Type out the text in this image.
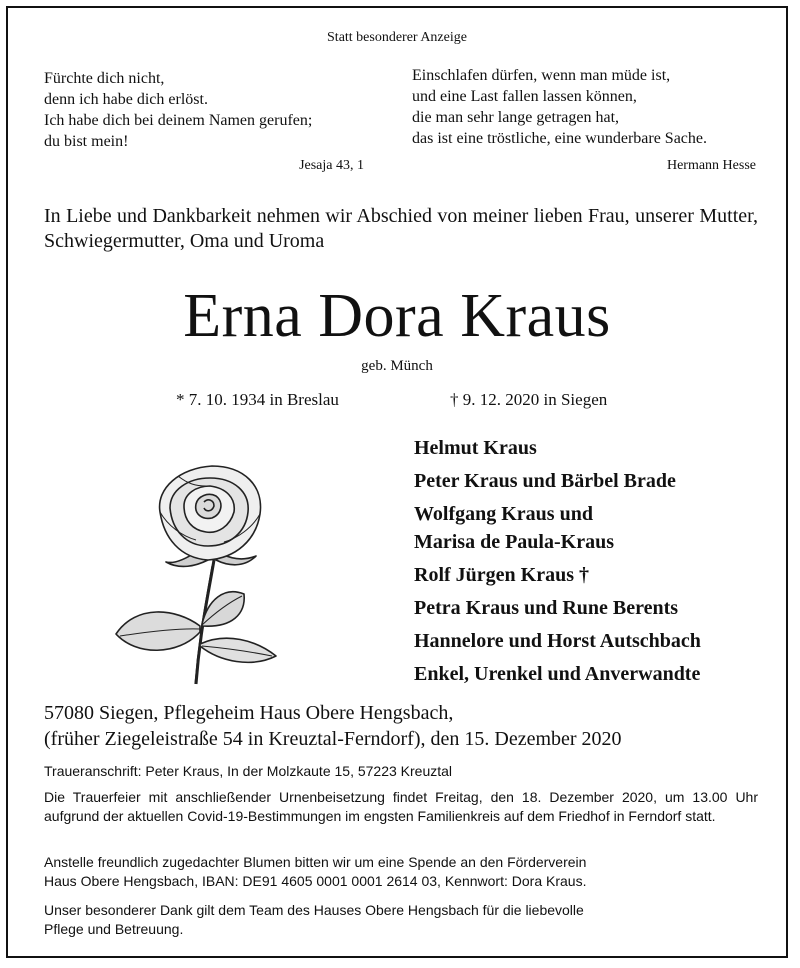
Statt besonderer Anzeige
Fürchte dich nicht,
denn ich habe dich erlöst.
Ich habe dich bei deinem Namen gerufen;
du bist mein!
Jesaja 43, 1
Einschlafen dürfen, wenn man müde ist,
und eine Last fallen lassen können,
die man sehr lange getragen hat,
das ist eine tröstliche, eine wunderbare Sache.
Hermann Hesse
In Liebe und Dankbarkeit nehmen wir Abschied von meiner lieben Frau, unserer Mutter, Schwiegermutter, Oma und Uroma
Erna Dora Kraus
geb. Münch
* 7. 10. 1934 in Breslau	† 9. 12. 2020 in Siegen
Helmut Kraus
Peter Kraus und Bärbel Brade
Wolfgang Kraus und
Marisa de Paula-Kraus
Rolf Jürgen Kraus †
Petra Kraus und Rune Berents
Hannelore und Horst Autschbach
Enkel, Urenkel und Anverwandte
57080 Siegen, Pflegeheim Haus Obere Hengsbach,
(früher Ziegeleistraße 54 in Kreuztal-Ferndorf), den 15. Dezember 2020
Traueranschrift: Peter Kraus, In der Molzkaute 15, 57223 Kreuztal
Die Trauerfeier mit anschließender Urnenbeisetzung findet Freitag, den 18. Dezember 2020, um 13.00 Uhr aufgrund der aktuellen Covid-19-Bestimmungen im engsten Familienkreis auf dem Friedhof in Ferndorf statt.
Anstelle freundlich zugedachter Blumen bitten wir um eine Spende an den Förderverein
Haus Obere Hengsbach, IBAN: DE91 4605 0001 0001 2614 03, Kennwort: Dora Kraus.
Unser besonderer Dank gilt dem Team des Hauses Obere Hengsbach für die liebevolle
Pflege und Betreuung.
